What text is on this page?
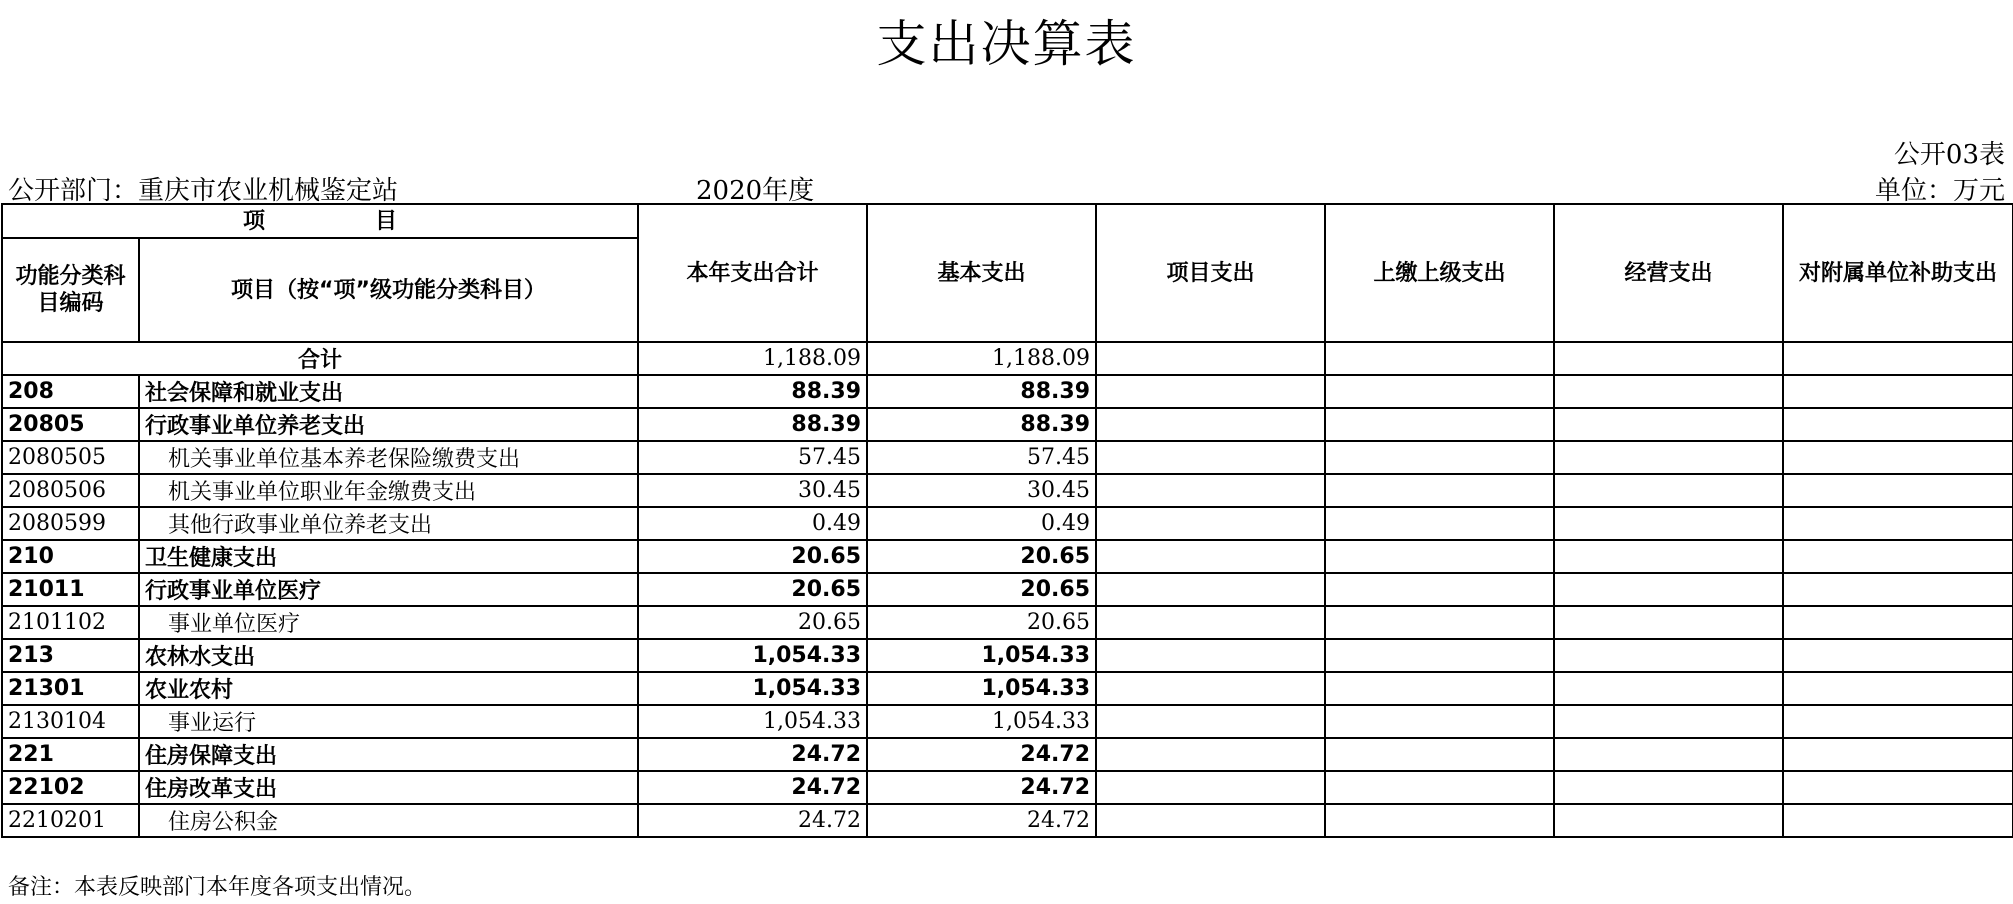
支出决算表
公开03表
公开部门：重庆市农业机械鉴定站	2020年度	单位：万元
项　　　　　目		本年支出合计	基本支出	项目支出	上缴上级支出	经营支出	对附属单位补助支出
功能分类科目编码	项目（按“项”级功能分类科目）						
合计		1,188.09	1,188.09				
208	社会保障和就业支出	88.39	88.39				
20805	行政事业单位养老支出	88.39	88.39				
2080505	机关事业单位基本养老保险缴费支出	57.45	57.45				
2080506	机关事业单位职业年金缴费支出	30.45	30.45				
2080599	其他行政事业单位养老支出	0.49	0.49				
210	卫生健康支出	20.65	20.65				
21011	行政事业单位医疗	20.65	20.65				
2101102	事业单位医疗	20.65	20.65				
213	农林水支出	1,054.33	1,054.33				
21301	农业农村	1,054.33	1,054.33				
2130104	事业运行	1,054.33	1,054.33				
221	住房保障支出	24.72	24.72				
22102	住房改革支出	24.72	24.72				
2210201	住房公积金	24.72	24.72				
备注：本表反映部门本年度各项支出情况。
